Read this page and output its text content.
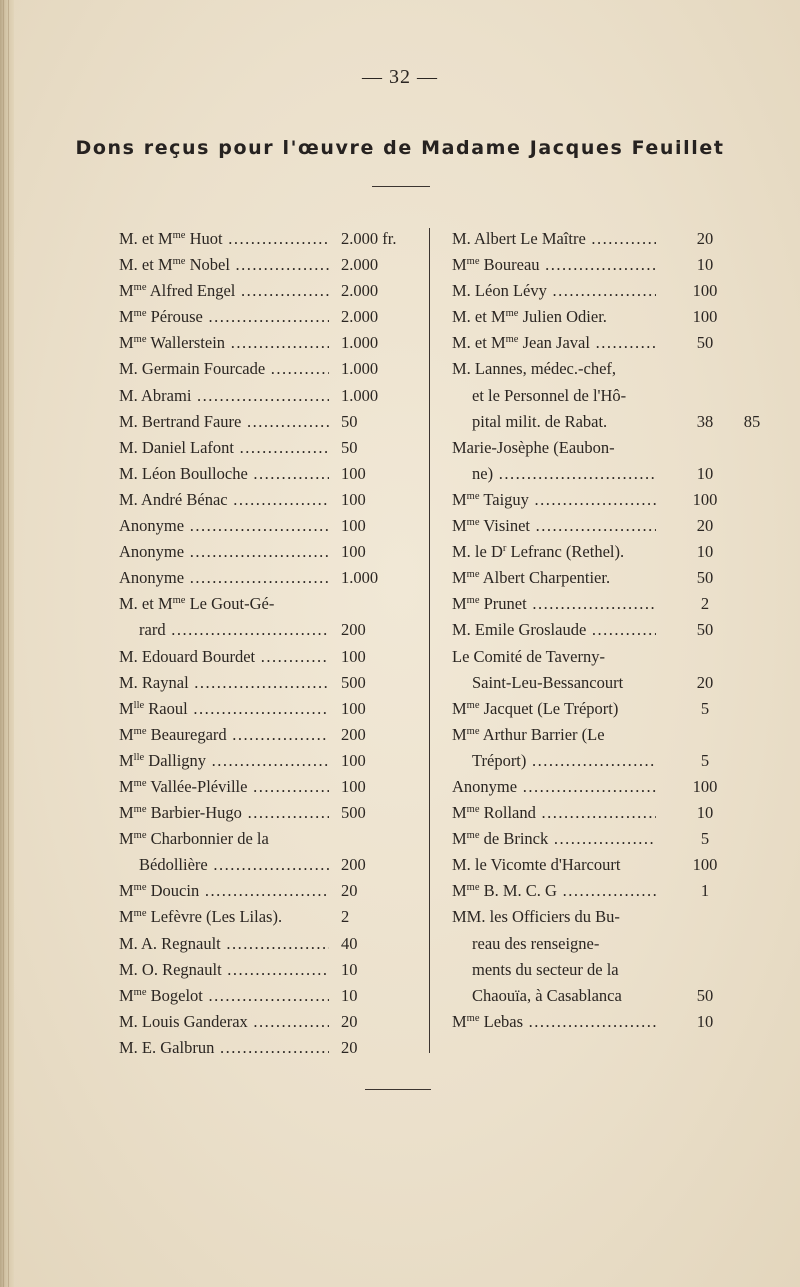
— 32 —
Dons reçus pour l'œuvre de Madame Jacques Feuillet
M. et $M^{me}$ Huot .....	2.000 fr.
M. et $M^{me}$ Nobel .....	2.000
$M^{me}$ Alfred Engel .....	2.000
$M^{me}$ Pérouse .....	2.000
$M^{me}$ Wallerstein .....	1.000
M. Germain Fourcade .....	1.000
M. Abrami .....	1.000
M. Bertrand Faure .....	50
M. Daniel Lafont .....	50
M. Léon Boulloche .....	100
M. André Bénac .....	100
Anonyme .....	100
Anonyme .....	100
Anonyme .....	1.000
M. et $M^{me}$ Le Gout-Gé-
rard .....	200
M. Edouard Bourdet .....	100
M. Raynal .....	500
$M^{lle}$ Raoul .....	100
$M^{me}$ Beauregard .....	200
$M^{lle}$ Dalligny .....	100
$M^{me}$ Vallée-Pléville .....	100
$M^{me}$ Barbier-Hugo .....	500
$M^{me}$ Charbonnier de la
Bédollière .....	200
$M^{me}$ Doucin .....	20
$M^{me}$ Lefèvre (Les Lilas).	2
M. A. Regnault .....	40
M. O. Regnault .....	10
$M^{me}$ Bogelot .....	10
M. Louis Ganderax .....	20
M. E. Galbrun .....	20
M. Albert Le Maître .....	20
$M^{me}$ Boureau .....	10
M. Léon Lévy .....	100
M. et $M^{me}$ Julien Odier.	100
M. et $M^{me}$ Jean Javal .....	50
M. Lannes, médec.-chef,
et le Personnel de l'Hô-
pital milit. de Rabat.	38	85
Marie-Josèphe (Eaubon-
ne) .....	10
$M^{me}$ Taiguy .....	100
$M^{me}$ Visinet .....	20
M. le $D^r$ Lefranc (Rethel).	10
$M^{me}$ Albert Charpentier.	50
$M^{me}$ Prunet .....	2
M. Emile Groslaude .....	50
Le Comité de Taverny-
Saint-Leu-Bessancourt	20
$M^{me}$ Jacquet (Le Tréport)	5
$M^{me}$ Arthur Barrier (Le
Tréport) .....	5
Anonyme .....	100
$M^{me}$ Rolland .....	10
$M^{me}$ de Brinck .....	5
M. le Vicomte d'Harcourt	100
$M^{me}$ B. M. C. G .....	1
MM. les Officiers du Bu-
reau des renseigne-
ments du secteur de la
Chaouïa, à Casablanca	50
$M^{me}$ Lebas .....	10
